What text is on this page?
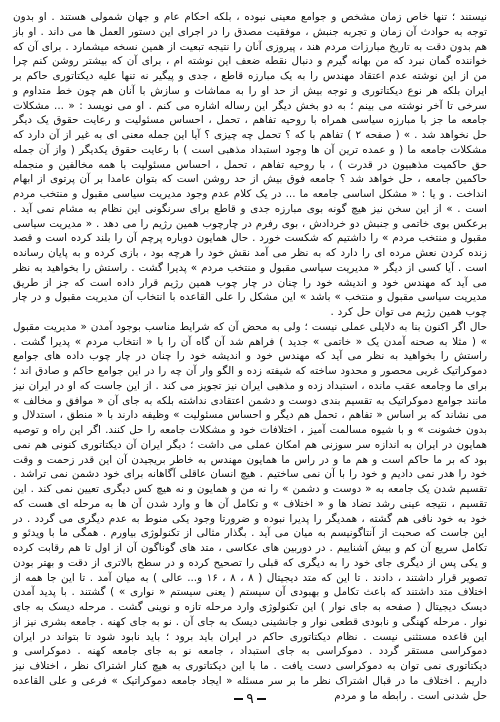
نیستند ؛ تنها خاص زمان مشخص و جوامع معینی نبوده ، بلکه احکام عام و جهان شمولی هستند . او بدون توجه به حوادث آن زمان و تجربه جنبش ، موفقیت مصدق را در اجرای این دستور العمل ها می داند . او باز هم بدون دقت به تاریخ مبارزات مردم هند ، پیروزی آنان را نتیجه تبعیت از همین نسخه میشمارد . برای آن که خواننده گمان نبرد که من بهانه گیرم و دنبال نقطه ضعف این نوشته ام ، برای آن که بیشتر روشن کنم چرا من از این نوشته عدم اعتقاد مهندس را به یک مبارزه قاطع ، جدی و پیگیر نه تنها علیه دیکتاتوری حاکم بر ایران بلکه هر نوع دیکتاتوری و توجه بیش از حد او را به مماشات و سازش با آنان هم چون خط متداوم و سرخی تا آخر نوشته می بینم ؛ به دو بخش دیگر این رساله اشاره می کنم . او می نویسد : « ... مشکلات جامعه ما جز با مبارزه سیاسی همراه با روحیه تفاهم ، تحمل ، احساس مسئولیت و رعایت حقوق یک دیگر حل نخواهد شد . » ( صفحه ۲ ) تفاهم با که ؟ تحمل چه چیزی ؟ آیا این جمله معنی ای به غیر از آن دارد که مشکلات جامعه ما ( و عمده ترین آن ها وجود استبداد مذهبی است ) با رعایت حقوق یکدیگر ( واز آن جمله حق حاکمیت مذهبیون در قدرت ) ، با روحیه تفاهم ، تحمل ، احساس مسئولیت با همه مخالفین و منجمله حاکمین جامعه ، حل خواهد شد ؟ جامعه فوق بیش از حد روشن است که بتوان عامدا بر آن پرتوی از ابهام انداخت . و یا : « مشکل اساسی جامعه ما ... در یک کلام عدم وجود مدیریت سیاسی مقبول و منتخب مردم است . » از این سخن نیز هیچ گونه بوی مبارزه جدی و قاطع برای سرنگونی این نظام به مشام نمی آید . برعکس بوی خاتمی و جنبش دو خردادش ، بوی رفرم در چارچوب همین رژیم را می دهد . « مدیریت سیاسی مقبول و منتخب مردم » را داشتیم که شکست خورد . حال همایون دوباره پرچم آن را بلند کرده است و قصد زنده کردن نعش مرده ای را دارد که به نظر می آمد نقش خود را هرچه بود ، بازی کرده و به پایان رسانده است . آیا کسی از دیگر « مدیریت سیاسی مقبول و منتخب مردم » پدیرا گشت . راستش را بخواهید به نظر می آید که مهندس خود و اندیشه خود را چنان در چار چوب همین رژیم قرار داده است که جز از طریق مدیریت سیاسی مقبول و منتخب » باشد » این مشکل را علی القاعده با انتخاب آن مدیریت مقبول و در چار چوب همین رژیم می توان حل کرد .

حال اگر اکنون بنا به دلایلی عملی نیست ؛ ولی به محض آن که شرایط مناسب بوجود آمدن « مدیریت مقبول » ( مثلا به صحنه آمدن یک « خاتمی » جدید ) فراهم شد آن گاه آن را با « انتخاب مردم » پدیرا گشت . راستش را بخواهید به نظر می آید که مهندس خود و اندیشه خود را چنان در چار چوب داده های جوامع دموکراتیک غربی محصور و محدود ساخته که شیفته زده و الگو وار آن چه را در این جوامع حاکم و صادق اند ؛ برای ما وجامعه عقب مانده ، استبداد زده و مذهبی ایران نیز تجویز می کند . از این جاست که او در ایران نیز مانند جوامع دموکراتیک به تقسیم بندی دوست و دشمن اعتقادی نداشته بلکه به جای آن « موافق و مخالف » می نشاند که بر اساس « تفاهم ، تحمل هم دیگر و احساس مسئولیت » وظیفه دارند با « منطق ، استدلال و بدون خشونت » و با شیوه مسالمت آمیز ، اختلافات خود و مشکلات جامعه را حل کنند. اگر این راه و توصیه همایون در ایران به اندازه سر سوزنی هم امکان عملی می داشت ؛ دیگر ایران آن دیکتاتوری کنونی هم نمی بود که بر ما حاکم است و هم ما و در راس ما همایون مهندس به خاطر بریجیدن آن این قدر زحمت و وقت خود را هدر نمی دادیم و خود را با آن نمی ساختیم . هیچ انسان عاقلی آگاهانه برای خود دشمن نمی تراشد . تقسیم شدن یک جامعه به « دوست و دشمن » را نه من و همایون و نه هیچ کس دیگری تعیین نمی کند . این تقسیم ، نتیجه عینی رشد تضاد ها و « اختلاف » و تکامل آن ها و وارد شدن آن ها به مرحله ای هست که خود به خود نافی هم گشته ، همدیگر را پدیرا نبوده و ضرورتا وجود یکی منوط به عدم دیگری می گردد . در این جاست که صحبت از آنتاگونیسم به میان می آید . بگذار مثالی از تکنولوژی بیاورم . همگی ما با ویدئو و تکامل سریع آن کم و بیش آشناییم . در دوربین های عکاسی ، متد های گوناگون آن از اول تا هم رقابت کرده و یکی پس از دیگری جای خود را به دیگری که قبلی را تصحیح کرده و در سطح بالاتری از دقت و بهتر بودن تصویر قرار داشتند ، دادند . تا این که متد دیجیتال ( ۸ ، ۸ ، ۱۶ و... عالی ) به میان آمد . تا این جا همه از اختلاف متد داشتند که باعث تکامل و بهبودی آن سیستم ( یعنی سیستم « نواری » ) گشتند . با پدید آمدن دیسک دیجیتال ( صفحه به جای نوار ) این تکنولوژی وارد مرحله تازه و نوینی گشت . مرحله دیسک به جای نوار . مرحله کهنگی و نابودی قطعی نوار و جانشینی دیسک به جای آن . نو به جای کهنه . جامعه بشری نیز از این قاعده مستثنی نیست . نظام دیکتاتوری حاکم در ایران باید برود ؛ باید نابود شود تا بتواند در ایران دموکراسی مستقر گردد . دموکراسی به جای استبداد ، جامعه نو به جای جامعه کهنه . دموکراسی و دیکتاتوری نمی توان به دموکراسی دست یافت . ما با این دیکتاتوری به هیچ کنار اشتراک نظر ، اختلاف نیز داریم . اختلاف ما در قبال اشتراک نظر ما بر سر مسئله « ایجاد جامعه دموکراتیک » فرعی و علی القاعده حل شدنی است . رابطه ما و مردم

۹
